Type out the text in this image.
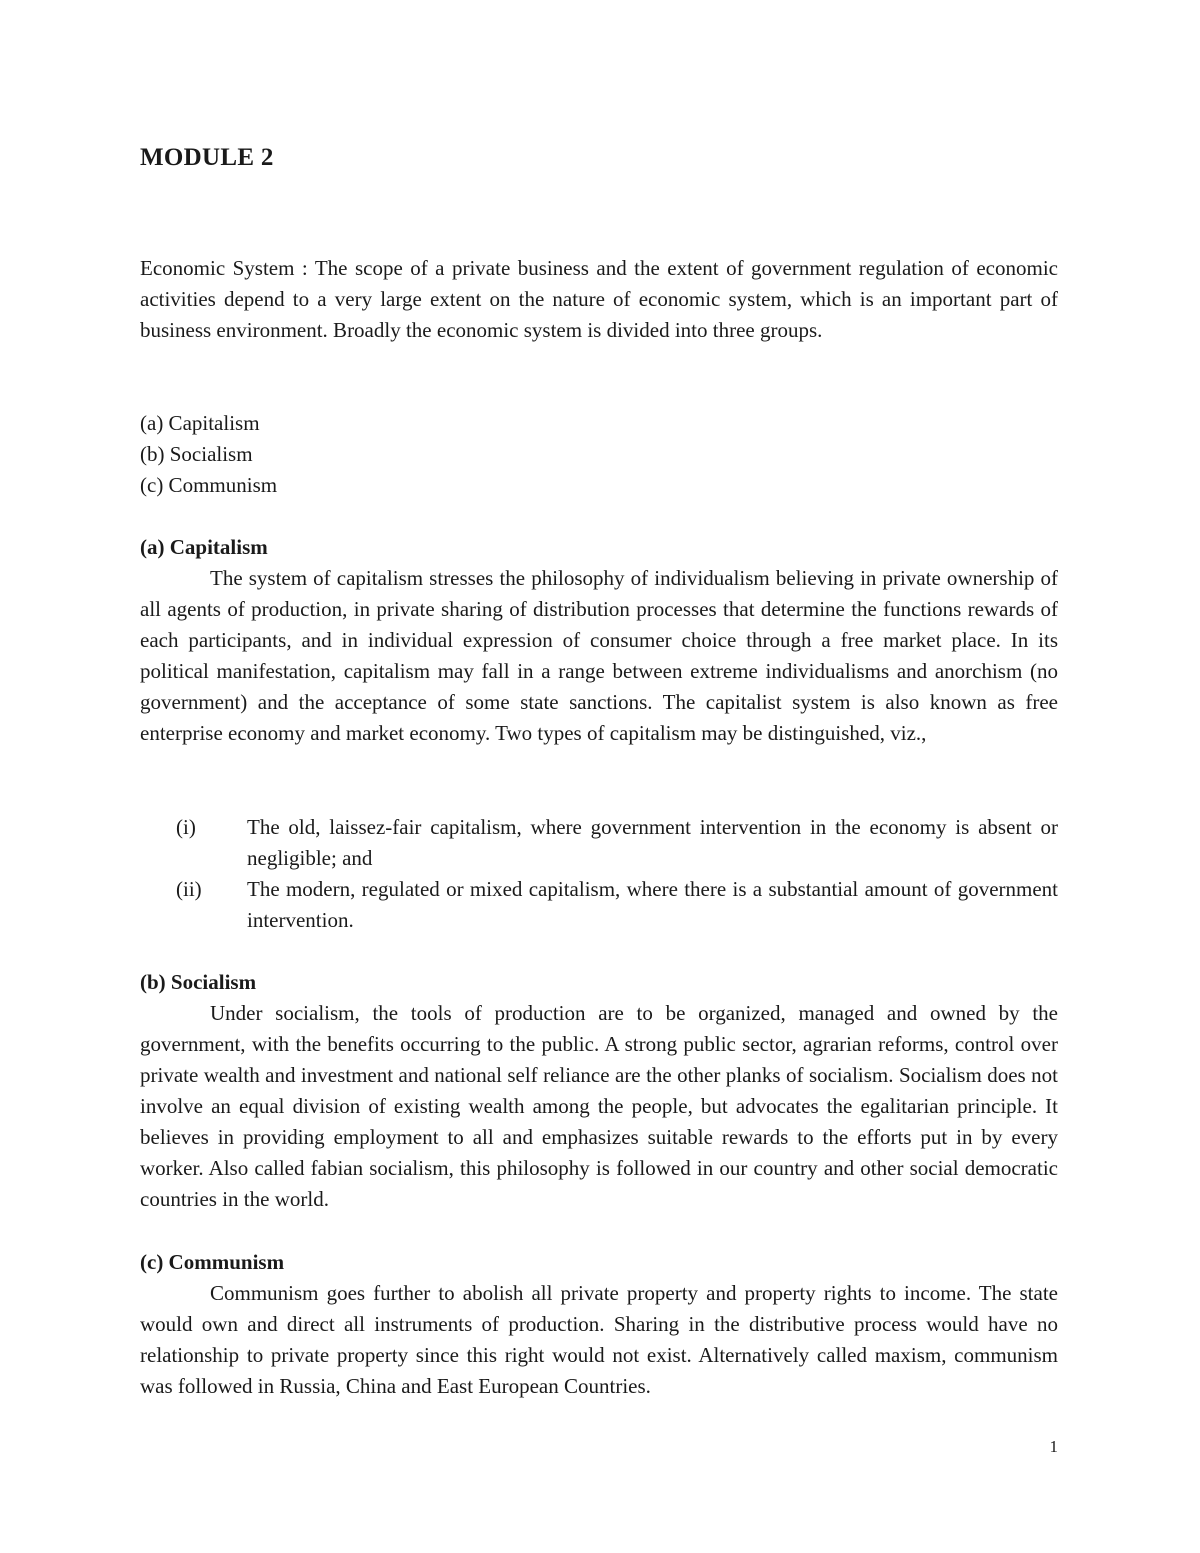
MODULE 2

Economic System : The scope of a private business and the extent of government regulation of economic activities depend to a very large extent on the nature of economic system, which is an important part of business environment. Broadly the economic system is divided into three groups.

(a) Capitalism

(b) Socialism

(c) Communism

(a) Capitalism

The system of capitalism stresses the philosophy of individualism believing in private ownership of all agents of production, in private sharing of distribution processes that determine the functions rewards of each participants, and in individual expression of consumer choice through a free market place. In its political manifestation, capitalism may fall in a range between extreme individualisms and anorchism (no government) and the acceptance of some state sanctions. The capitalist system is also known as free enterprise economy and market economy. Two types of capitalism may be distinguished, viz.,

(i) The old, laissez-fair capitalism, where government intervention in the economy is absent or negligible; and
(ii) The modern, regulated or mixed capitalism, where there is a substantial amount of government intervention.
(b) Socialism

Under socialism, the tools of production are to be organized, managed and owned by the government, with the benefits occurring to the public. A strong public sector, agrarian reforms, control over private wealth and investment and national self reliance are the other planks of socialism. Socialism does not involve an equal division of existing wealth among the people, but advocates the egalitarian principle. It believes in providing employment to all and emphasizes suitable rewards to the efforts put in by every worker. Also called fabian socialism, this philosophy is followed in our country and other social democratic countries in the world.

(c) Communism

Communism goes further to abolish all private property and property rights to income. The state would own and direct all instruments of production. Sharing in the distributive process would have no relationship to private property since this right would not exist. Alternatively called maxism, communism was followed in Russia, China and East European Countries.

1
